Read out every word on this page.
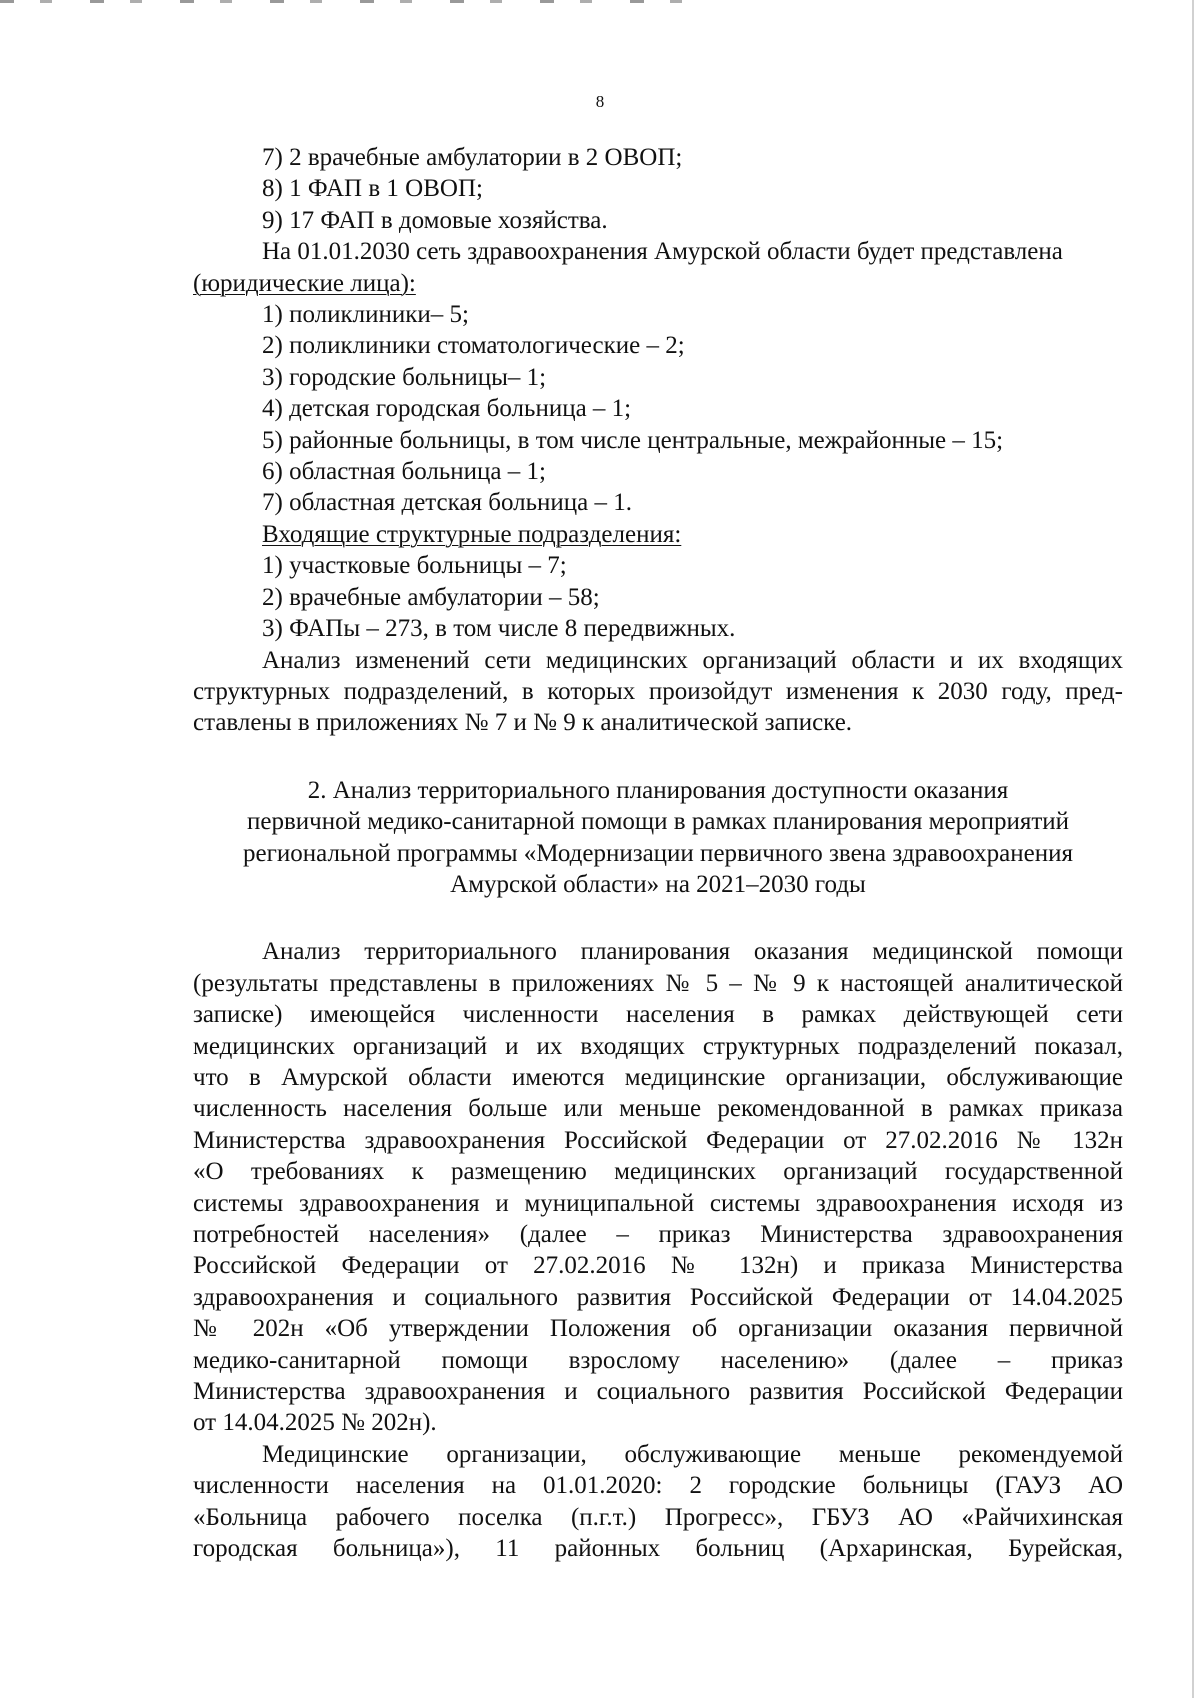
8
7) 2 врачебные амбулатории в 2 ОВОП;
8) 1 ФАП в 1 ОВОП;
9) 17 ФАП в домовые хозяйства.
На 01.01.2030 сеть здравоохранения Амурской области будет представлена
(юридические лица):
1) поликлиники– 5;
2) поликлиники стоматологические – 2;
3) городские больницы– 1;
4) детская городская больница – 1;
5) районные больницы, в том числе центральные, межрайонные – 15;
6) областная больница – 1;
7) областная детская больница – 1.
Входящие структурные подразделения:
1) участковые больницы – 7;
2) врачебные амбулатории – 58;
3) ФАПы – 273, в том числе 8 передвижных.
Анализ изменений сети медицинских организаций области и их входящих
структурных подразделений, в которых произойдут изменения к 2030 году, пред-
ставлены в приложениях № 7 и № 9 к аналитической записке.
2. Анализ территориального планирования доступности оказания
первичной медико-санитарной помощи в рамках планирования мероприятий
региональной программы «Модернизации первичного звена здравоохранения
Амурской области» на 2021–2030 годы
Анализ территориального планирования оказания медицинской помощи
(результаты представлены в приложениях № 5 – № 9 к настоящей аналитической
записке) имеющейся численности населения в рамках действующей сети
медицинских организаций и их входящих структурных подразделений показал,
что в Амурской области имеются медицинские организации, обслуживающие
численность населения больше или меньше рекомендованной в рамках приказа
Министерства здравоохранения Российской Федерации от 27.02.2016 № 132н
«О требованиях к размещению медицинских организаций государственной
системы здравоохранения и муниципальной системы здравоохранения исходя из
потребностей населения» (далее – приказ Министерства здравоохранения
Российской Федерации от 27.02.2016 № 132н) и приказа Министерства
здравоохранения и социального развития Российской Федерации от 14.04.2025
№ 202н «Об утверждении Положения об организации оказания первичной
медико-санитарной помощи взрослому населению» (далее – приказ
Министерства здравоохранения и социального развития Российской Федерации
от 14.04.2025 № 202н).
Медицинские организации, обслуживающие меньше рекомендуемой
численности населения на 01.01.2020: 2 городские больницы (ГАУЗ АО
«Больница рабочего поселка (п.г.т.) Прогресс», ГБУЗ АО «Райчихинская
городская больница»), 11 районных больниц (Архаринская, Бурейская,
